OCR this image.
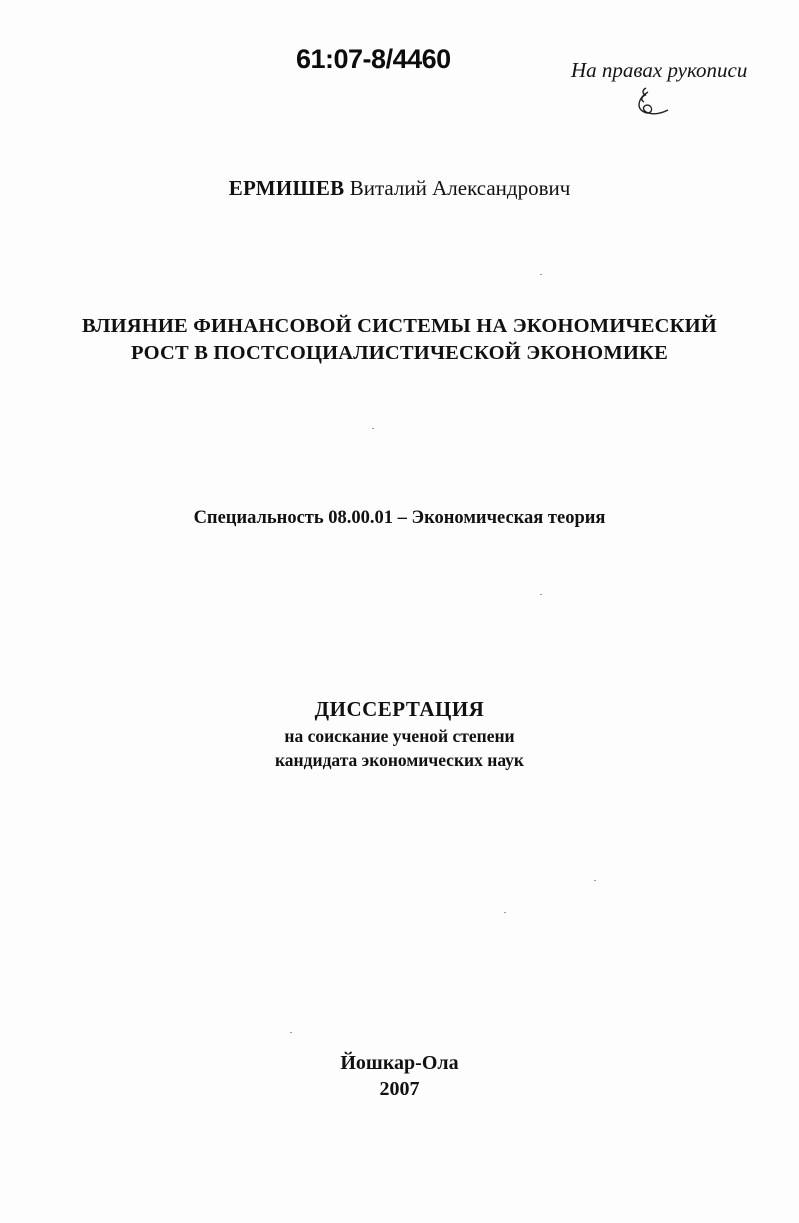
61:07-8/4460	На правах рукописи
ЕРМИШЕВ Виталий Александрович
ВЛИЯНИЕ ФИНАНСОВОЙ СИСТЕМЫ НА ЭКОНОМИЧЕСКИЙ
РОСТ В ПОСТСОЦИАЛИСТИЧЕСКОЙ ЭКОНОМИКЕ
Специальность 08.00.01 – Экономическая теория
ДИССЕРТАЦИЯ
на соискание ученой степени
кандидата экономических наук
Йошкар-Ола
2007
